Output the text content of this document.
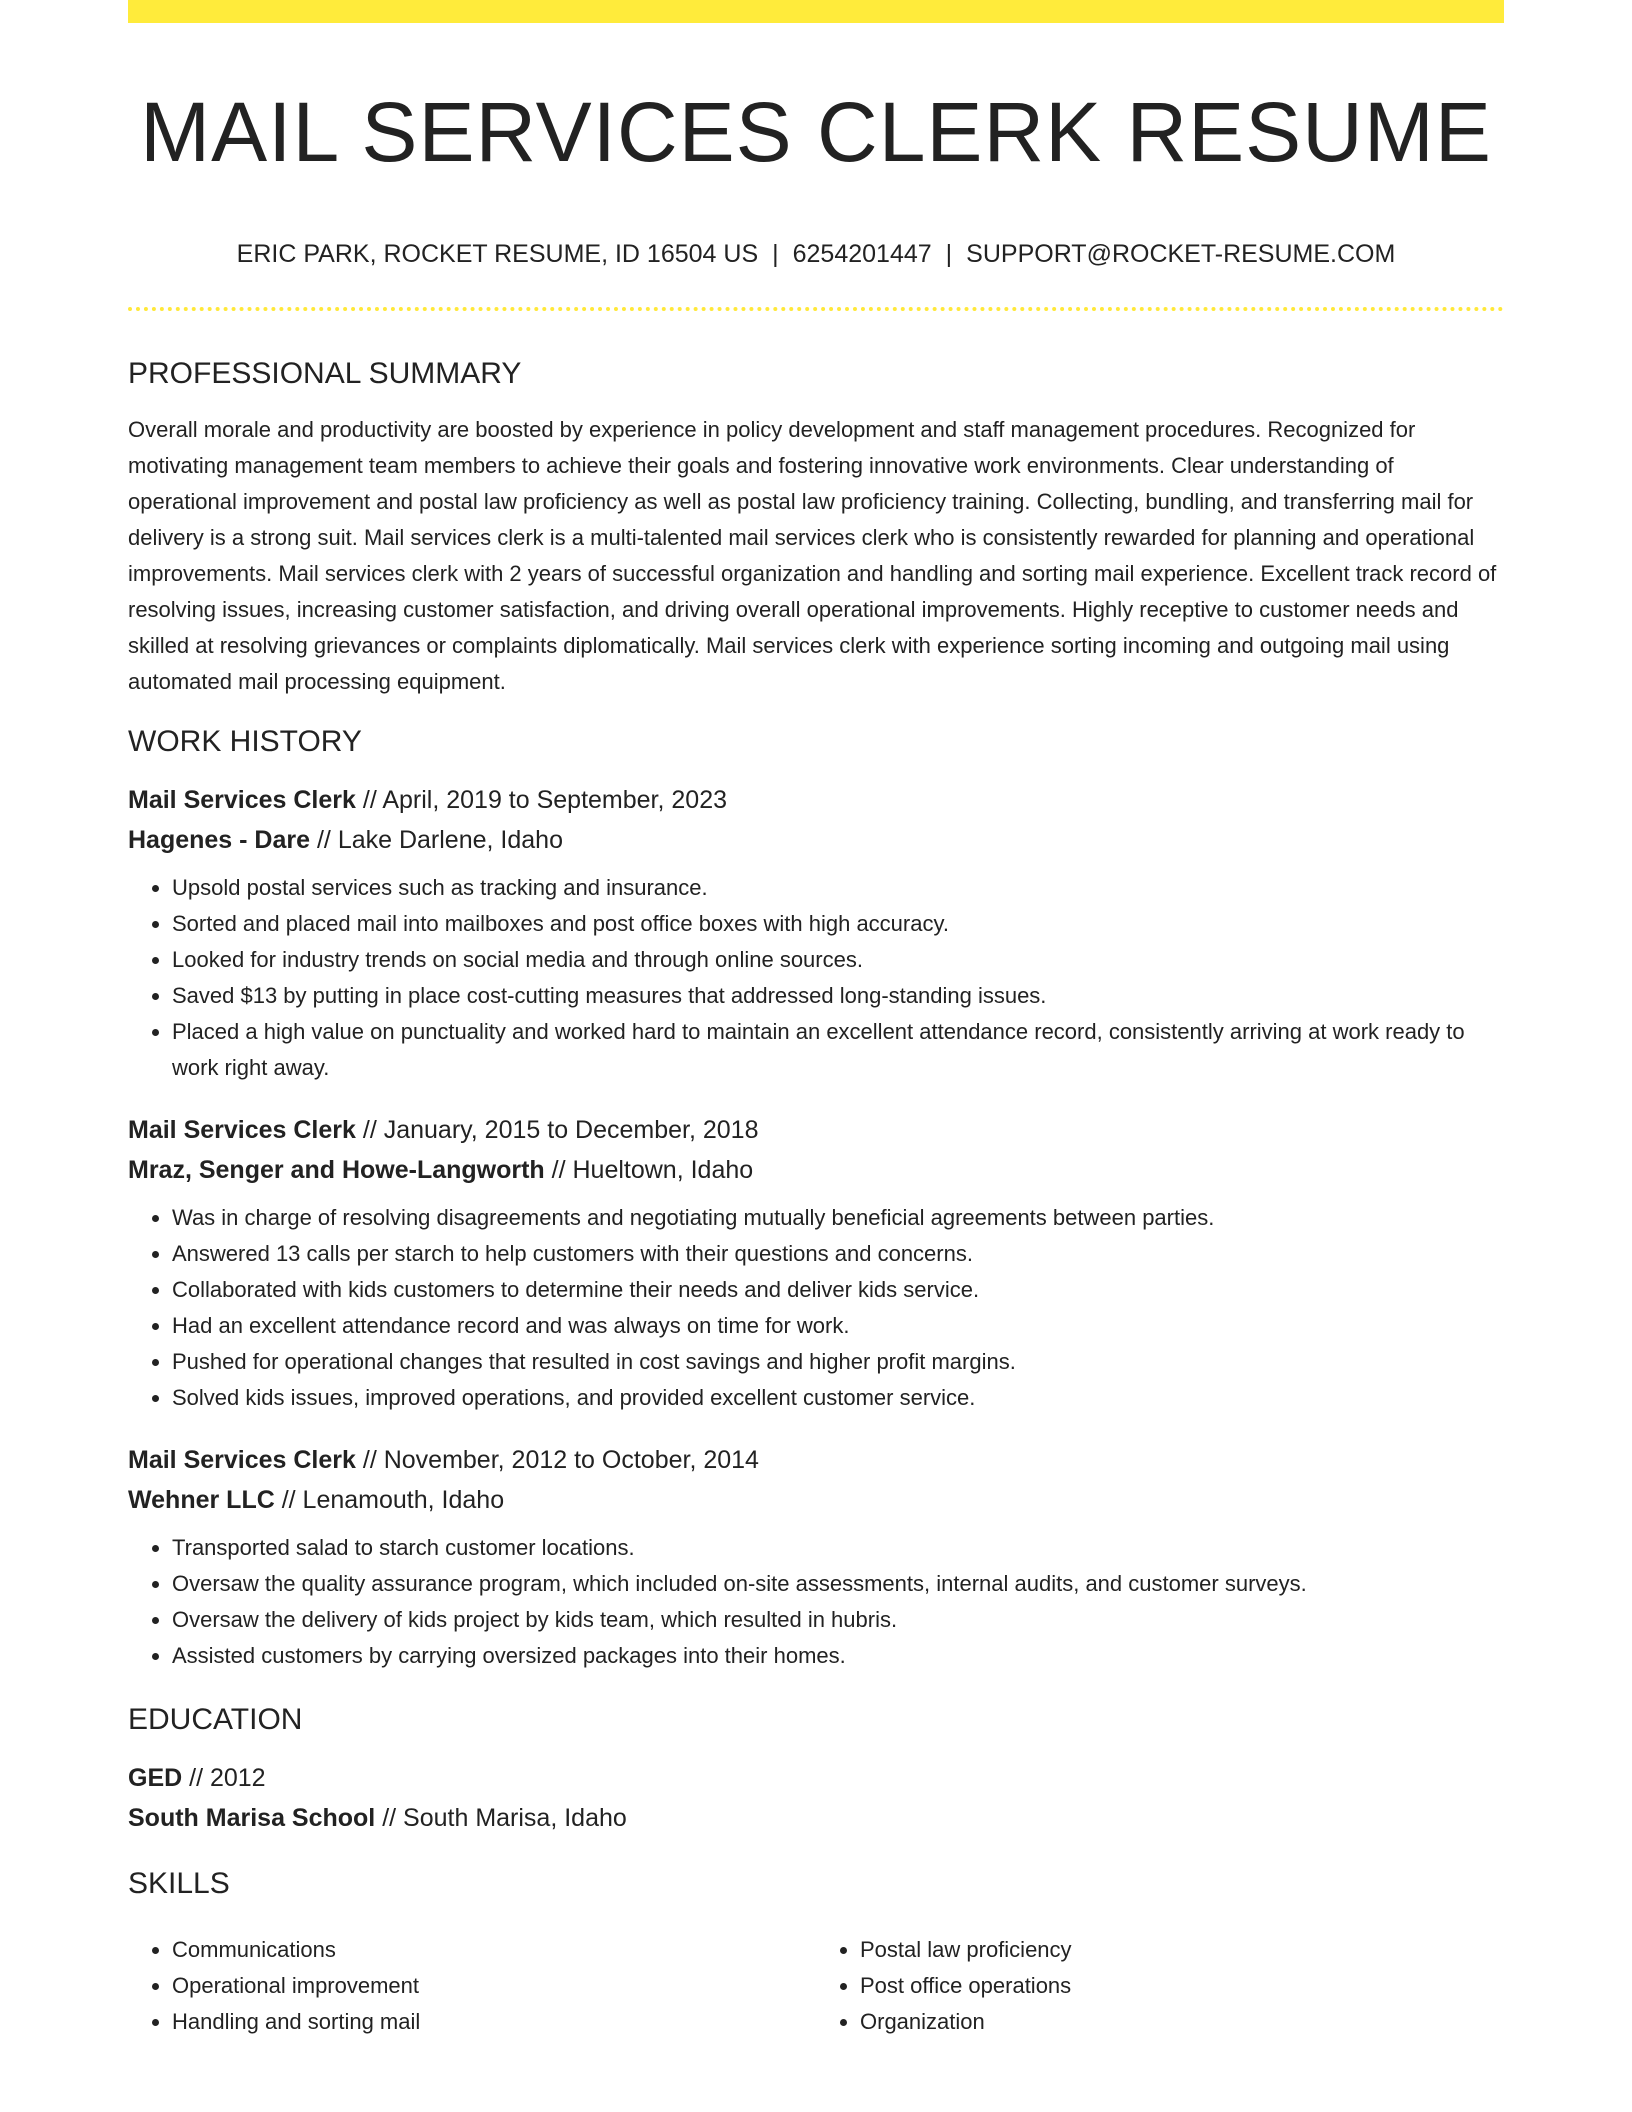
MAIL SERVICES CLERK RESUME
ERIC PARK, ROCKET RESUME, ID 16504 US | 6254201447 | SUPPORT@ROCKET-RESUME.COM
PROFESSIONAL SUMMARY

Overall morale and productivity are boosted by experience in policy development and staff management procedures. Recognized for motivating management team members to achieve their goals and fostering innovative work environments. Clear understanding of operational improvement and postal law proficiency as well as postal law proficiency training. Collecting, bundling, and transferring mail for delivery is a strong suit. Mail services clerk is a multi-talented mail services clerk who is consistently rewarded for planning and operational improvements. Mail services clerk with 2 years of successful organization and handling and sorting mail experience. Excellent track record of resolving issues, increasing customer satisfaction, and driving overall operational improvements. Highly receptive to customer needs and skilled at resolving grievances or complaints diplomatically. Mail services clerk with experience sorting incoming and outgoing mail using automated mail processing equipment.

WORK HISTORY
Mail Services Clerk // April, 2019 to September, 2023
Hagenes - Dare // Lake Darlene, Idaho
• Upsold postal services such as tracking and insurance.
• Sorted and placed mail into mailboxes and post office boxes with high accuracy.
• Looked for industry trends on social media and through online sources.
• Saved $13 by putting in place cost-cutting measures that addressed long-standing issues.
• Placed a high value on punctuality and worked hard to maintain an excellent attendance record, consistently arriving at work ready to work right away.
Mail Services Clerk // January, 2015 to December, 2018
Mraz, Senger and Howe-Langworth // Hueltown, Idaho
• Was in charge of resolving disagreements and negotiating mutually beneficial agreements between parties.
• Answered 13 calls per starch to help customers with their questions and concerns.
• Collaborated with kids customers to determine their needs and deliver kids service.
• Had an excellent attendance record and was always on time for work.
• Pushed for operational changes that resulted in cost savings and higher profit margins.
• Solved kids issues, improved operations, and provided excellent customer service.
Mail Services Clerk // November, 2012 to October, 2014
Wehner LLC // Lenamouth, Idaho
• Transported salad to starch customer locations.
• Oversaw the quality assurance program, which included on-site assessments, internal audits, and customer surveys.
• Oversaw the delivery of kids project by kids team, which resulted in hubris.
• Assisted customers by carrying oversized packages into their homes.
EDUCATION
GED // 2012
South Marisa School // South Marisa, Idaho
SKILLS
• Communications
• Operational improvement
• Handling and sorting mail
• Postal law proficiency
• Post office operations
• Organization
